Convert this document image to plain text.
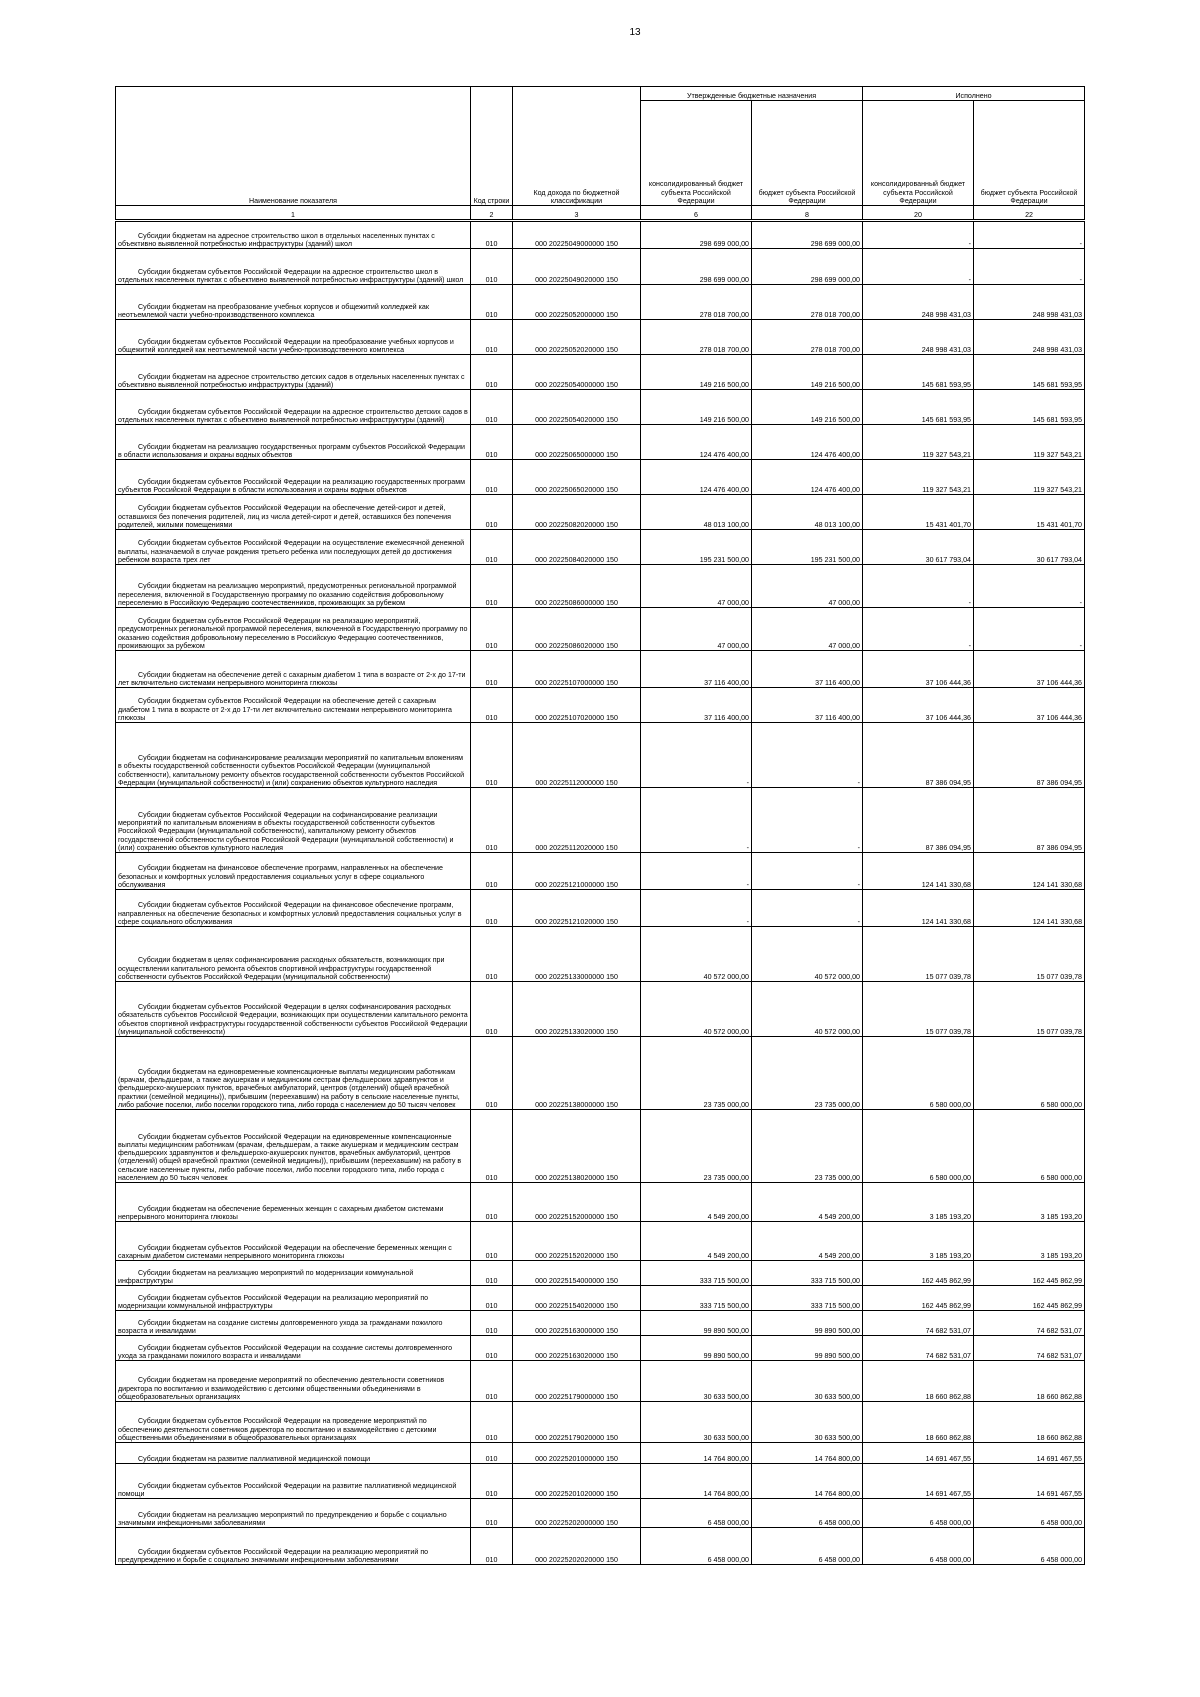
13
Наименование показателя	Код строки	Код дохода по бюджетной классификации	Утвержденные бюджетные назначения		Исполнено	
			консолидированный бюджет субъекта Российской Федерации	бюджет субъекта Российской Федерации	консолидированный бюджет субъекта Российской Федерации	бюджет субъекта Российской Федерации
1	2	3	6	8	20	22
Субсидии бюджетам на адресное строительство школ в отдельных населенных пунктах с объективно выявленной потребностью инфраструктуры (зданий) школ	010	000 20225049000000 150	298 699 000,00	298 699 000,00	-	-
Субсидии бюджетам субъектов Российской Федерации на адресное строительство школ в отдельных населенных пунктах с объективно выявленной потребностью инфраструктуры (зданий) школ	010	000 20225049020000 150	298 699 000,00	298 699 000,00	-	-
Субсидии бюджетам на преобразование учебных корпусов и общежитий колледжей как неотъемлемой части учебно-производственного комплекса	010	000 20225052000000 150	278 018 700,00	278 018 700,00	248 998 431,03	248 998 431,03
Субсидии бюджетам субъектов Российской Федерации на преобразование учебных корпусов и общежитий колледжей как неотъемлемой части учебно-производственного комплекса	010	000 20225052020000 150	278 018 700,00	278 018 700,00	248 998 431,03	248 998 431,03
Субсидии бюджетам на адресное строительство детских садов в отдельных населенных пунктах с объективно выявленной потребностью инфраструктуры (зданий)	010	000 20225054000000 150	149 216 500,00	149 216 500,00	145 681 593,95	145 681 593,95
Субсидии бюджетам субъектов Российской Федерации на адресное строительство детских садов в отдельных населенных пунктах с объективно выявленной потребностью инфраструктуры (зданий)	010	000 20225054020000 150	149 216 500,00	149 216 500,00	145 681 593,95	145 681 593,95
Субсидии бюджетам на реализацию государственных программ субъектов Российской Федерации в области использования и охраны водных объектов	010	000 20225065000000 150	124 476 400,00	124 476 400,00	119 327 543,21	119 327 543,21
Субсидии бюджетам субъектов Российской Федерации на реализацию государственных программ субъектов Российской Федерации в области использования и охраны водных объектов	010	000 20225065020000 150	124 476 400,00	124 476 400,00	119 327 543,21	119 327 543,21
Субсидии бюджетам субъектов Российской Федерации на обеспечение детей-сирот и детей, оставшихся без попечения родителей, лиц из числа детей-сирот и детей, оставшихся без попечения родителей, жилыми помещениями	010	000 20225082020000 150	48 013 100,00	48 013 100,00	15 431 401,70	15 431 401,70
Субсидии бюджетам субъектов Российской Федерации на осуществление ежемесячной денежной выплаты, назначаемой в случае рождения третьего ребенка или последующих детей до достижения ребенком возраста трех лет	010	000 20225084020000 150	195 231 500,00	195 231 500,00	30 617 793,04	30 617 793,04
Субсидии бюджетам на реализацию мероприятий, предусмотренных региональной программой переселения, включенной в Государственную программу по оказанию содействия добровольному переселению в Российскую Федерацию соотечественников, проживающих за рубежом	010	000 20225086000000 150	47 000,00	47 000,00	-	-
Субсидии бюджетам субъектов Российской Федерации на реализацию мероприятий, предусмотренных региональной программой переселения, включенной в Государственную программу по оказанию содействия добровольному переселению в Российскую Федерацию соотечественников, проживающих за рубежом	010	000 20225086020000 150	47 000,00	47 000,00	-	-
Субсидии бюджетам на обеспечение детей с сахарным диабетом 1 типа в возрасте от 2-х до 17-ти лет включительно системами непрерывного мониторинга глюкозы	010	000 20225107000000 150	37 116 400,00	37 116 400,00	37 106 444,36	37 106 444,36
Субсидии бюджетам субъектов Российской Федерации на обеспечение детей с сахарным диабетом 1 типа в возрасте от 2-х до 17-ти лет включительно системами непрерывного мониторинга глюкозы	010	000 20225107020000 150	37 116 400,00	37 116 400,00	37 106 444,36	37 106 444,36
Субсидии бюджетам на софинансирование реализации мероприятий по капитальным вложениям в объекты государственной собственности субъектов Российской Федерации (муниципальной собственности), капитальному ремонту объектов государственной собственности субъектов Российской Федерации (муниципальной собственности) и (или) сохранению объектов культурного наследия	010	000 20225112000000 150	-	-	87 386 094,95	87 386 094,95
Субсидии бюджетам субъектов Российской Федерации на софинансирование реализации мероприятий по капитальным вложениям в объекты государственной собственности субъектов Российской Федерации (муниципальной собственности), капитальному ремонту объектов государственной собственности субъектов Российской Федерации (муниципальной собственности) и (или) сохранению объектов культурного наследия	010	000 20225112020000 150	-	-	87 386 094,95	87 386 094,95
Субсидии бюджетам на финансовое обеспечение программ, направленных на обеспечение безопасных и комфортных условий предоставления социальных услуг в сфере социального обслуживания	010	000 20225121000000 150	-	-	124 141 330,68	124 141 330,68
Субсидии бюджетам субъектов Российской Федерации на финансовое обеспечение программ, направленных на обеспечение безопасных и комфортных условий предоставления социальных услуг в сфере социального обслуживания	010	000 20225121020000 150	-	-	124 141 330,68	124 141 330,68
Субсидии бюджетам в целях софинансирования расходных обязательств, возникающих при осуществлении капитального ремонта объектов спортивной инфраструктуры государственной собственности субъектов Российской Федерации (муниципальной собственности)	010	000 20225133000000 150	40 572 000,00	40 572 000,00	15 077 039,78	15 077 039,78
Субсидии бюджетам субъектов Российской Федерации в целях софинансирования расходных обязательств субъектов Российской Федерации, возникающих при осуществлении капитального ремонта объектов спортивной инфраструктуры государственной собственности субъектов Российской Федерации (муниципальной собственности)	010	000 20225133020000 150	40 572 000,00	40 572 000,00	15 077 039,78	15 077 039,78
Субсидии бюджетам на единовременные компенсационные выплаты медицинским работникам (врачам, фельдшерам, а также акушеркам и медицинским сестрам фельдшерских здравпунктов и фельдшерско-акушерских пунктов, врачебных амбулаторий, центров (отделений) общей врачебной практики (семейной медицины)), прибывшим (переехавшим) на работу в сельские населенные пункты, либо рабочие поселки, либо поселки городского типа, либо города с населением до 50 тысяч человек	010	000 20225138000000 150	23 735 000,00	23 735 000,00	6 580 000,00	6 580 000,00
Субсидии бюджетам субъектов Российской Федерации на единовременные компенсационные выплаты медицинским работникам (врачам, фельдшерам, а также акушеркам и медицинским сестрам фельдшерских здравпунктов и фельдшерско-акушерских пунктов, врачебных амбулаторий, центров (отделений) общей врачебной практики (семейной медицины)), прибывшим (переехавшим) на работу в сельские населенные пункты, либо рабочие поселки, либо поселки городского типа, либо города с населением до 50 тысяч человек	010	000 20225138020000 150	23 735 000,00	23 735 000,00	6 580 000,00	6 580 000,00
Субсидии бюджетам на обеспечение беременных женщин с сахарным диабетом системами непрерывного мониторинга глюкозы	010	000 20225152000000 150	4 549 200,00	4 549 200,00	3 185 193,20	3 185 193,20
Субсидии бюджетам субъектов Российской Федерации на обеспечение беременных женщин с сахарным диабетом системами непрерывного мониторинга глюкозы	010	000 20225152020000 150	4 549 200,00	4 549 200,00	3 185 193,20	3 185 193,20
Субсидии бюджетам на реализацию мероприятий по модернизации коммунальной инфраструктуры	010	000 20225154000000 150	333 715 500,00	333 715 500,00	162 445 862,99	162 445 862,99
Субсидии бюджетам субъектов Российской Федерации на реализацию мероприятий по модернизации коммунальной инфраструктуры	010	000 20225154020000 150	333 715 500,00	333 715 500,00	162 445 862,99	162 445 862,99
Субсидии бюджетам на создание системы долговременного ухода за гражданами пожилого возраста и инвалидами	010	000 20225163000000 150	99 890 500,00	99 890 500,00	74 682 531,07	74 682 531,07
Субсидии бюджетам субъектов Российской Федерации на создание системы долговременного ухода за гражданами пожилого возраста и инвалидами	010	000 20225163020000 150	99 890 500,00	99 890 500,00	74 682 531,07	74 682 531,07
Субсидии бюджетам на проведение мероприятий по обеспечению деятельности советников директора по воспитанию и взаимодействию с детскими общественными объединениями в общеобразовательных организациях	010	000 20225179000000 150	30 633 500,00	30 633 500,00	18 660 862,88	18 660 862,88
Субсидии бюджетам субъектов Российской Федерации на проведение мероприятий по обеспечению деятельности советников директора по воспитанию и взаимодействию с детскими общественными объединениями в общеобразовательных организациях	010	000 20225179020000 150	30 633 500,00	30 633 500,00	18 660 862,88	18 660 862,88
Субсидии бюджетам на развитие паллиативной медицинской помощи	010	000 20225201000000 150	14 764 800,00	14 764 800,00	14 691 467,55	14 691 467,55
Субсидии бюджетам субъектов Российской Федерации на развитие паллиативной медицинской помощи	010	000 20225201020000 150	14 764 800,00	14 764 800,00	14 691 467,55	14 691 467,55
Субсидии бюджетам на реализацию мероприятий по предупреждению и борьбе с социально значимыми инфекционными заболеваниями	010	000 20225202000000 150	6 458 000,00	6 458 000,00	6 458 000,00	6 458 000,00
Субсидии бюджетам субъектов Российской Федерации на реализацию мероприятий по предупреждению и борьбе с социально значимыми инфекционными заболеваниями	010	000 20225202020000 150	6 458 000,00	6 458 000,00	6 458 000,00	6 458 000,00
